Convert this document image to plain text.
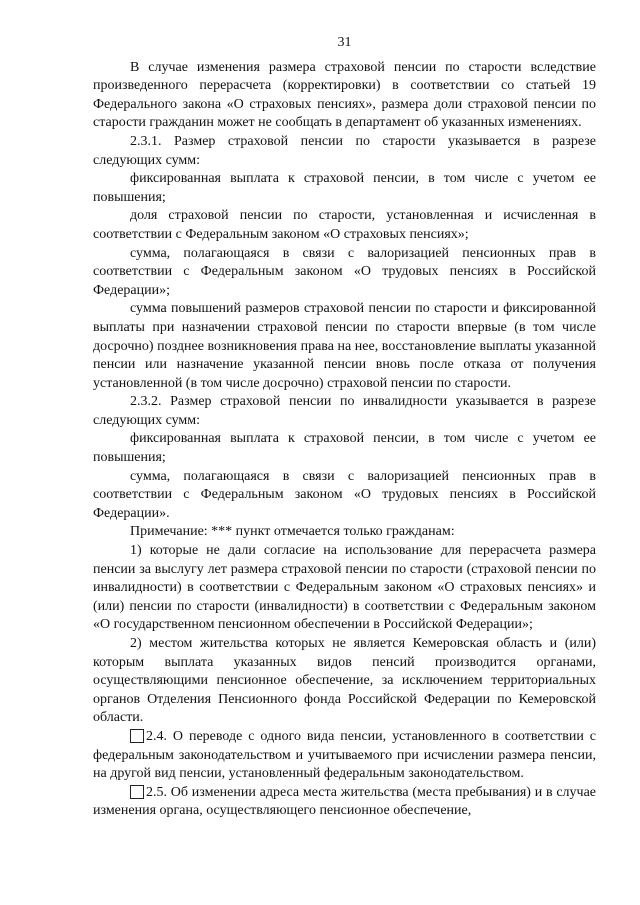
31

В случае изменения размера страховой пенсии по старости вследствие произведенного перерасчета (корректировки) в соответствии со статьей 19 Федерального закона «О страховых пенсиях», размера доли страховой пенсии по старости гражданин может не сообщать в департамент об указанных изменениях.

2.3.1. Размер страховой пенсии по старости указывается в разрезе следующих сумм:

фиксированная выплата к страховой пенсии, в том числе с учетом ее повышения;

доля страховой пенсии по старости, установленная и исчисленная в соответствии с Федеральным законом «О страховых пенсиях»;

сумма, полагающаяся в связи с валоризацией пенсионных прав в соответствии с Федеральным законом «О трудовых пенсиях в Российской Федерации»;

сумма повышений размеров страховой пенсии по старости и фиксированной выплаты при назначении страховой пенсии по старости впервые (в том числе досрочно) позднее возникновения права на нее, восстановление выплаты указанной пенсии или назначение указанной пенсии вновь после отказа от получения установленной (в том числе досрочно) страховой пенсии по старости.

2.3.2. Размер страховой пенсии по инвалидности указывается в разрезе следующих сумм:

фиксированная выплата к страховой пенсии, в том числе с учетом ее повышения;

сумма, полагающаяся в связи с валоризацией пенсионных прав в соответствии с Федеральным законом «О трудовых пенсиях в Российской Федерации».

Примечание: *** пункт отмечается только гражданам:

1) которые не дали согласие на использование для перерасчета размера пенсии за выслугу лет размера страховой пенсии по старости (страховой пенсии по инвалидности) в соответствии с Федеральным законом «О страховых пенсиях» и (или) пенсии по старости (инвалидности) в соответствии с Федеральным законом «О государственном пенсионном обеспечении в Российской Федерации»;

2) местом жительства которых не является Кемеровская область и (или) которым выплата указанных видов пенсий производится органами, осуществляющими пенсионное обеспечение, за исключением территориальных органов Отделения Пенсионного фонда Российской Федерации по Кемеровской области.

2.4. О переводе с одного вида пенсии, установленного в соответствии с федеральным законодательством и учитываемого при исчислении размера пенсии, на другой вид пенсии, установленный федеральным законодательством.

2.5. Об изменении адреса места жительства (места пребывания) и в случае изменения органа, осуществляющего пенсионное обеспечение,
